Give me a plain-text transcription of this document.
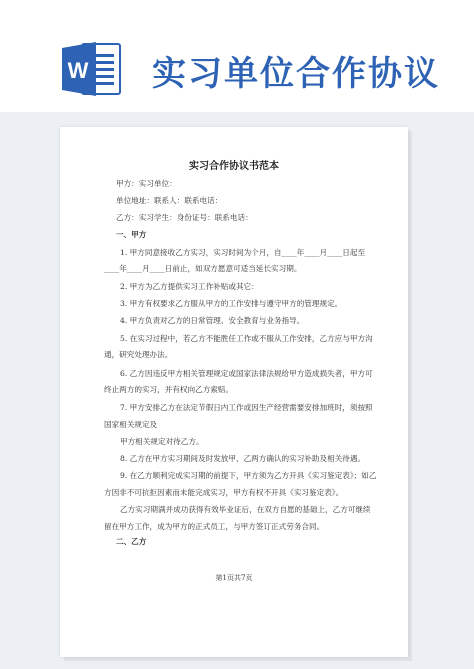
W 实习单位合作协议
实习合作协议书范本
甲方：实习单位：
单位地址：联系人：联系电话：
乙方：实习学生：身份证号：联系电话：
一、甲方
1. 甲方同意接收乙方实习，实习时间为个月，自____年____月____日起至
____年____月____日前止，如双方愿意可适当延长实习期。
2. 甲方为乙方提供实习工作补贴或其它：
3. 甲方有权要求乙方服从甲方的工作安排与遵守甲方的管理规定。
4. 甲方负责对乙方的日常管理、安全教育与业务指导。
5. 在实习过程中，若乙方不能胜任工作或不服从工作安排，乙方应与甲方沟
通，研究处理办法。
6. 乙方因违反甲方相关管理规定或国家法律法规给甲方造成损失者，甲方可
终止两方的实习，并有权向乙方索赔。
7. 甲方安排乙方在法定节假日内工作或因生产经营需要安排加班时，须按照
国家相关规定及
甲方相关规定对待乙方。
8. 乙方在甲方实习期间及时发放甲、乙两方确认的实习补助及相关待遇。
9. 在乙方顺利完成实习期的前提下，甲方须为乙方开具《实习鉴定表》；如乙
方因非不可抗拒因素而未能完成实习，甲方有权不开具《实习鉴定表》。
乙方实习期满并成功获得有效毕业证后，在双方自愿的基础上，乙方可继续
留在甲方工作，成为甲方的正式员工，与甲方签订正式劳务合同。
二、乙方
第1页共7页
